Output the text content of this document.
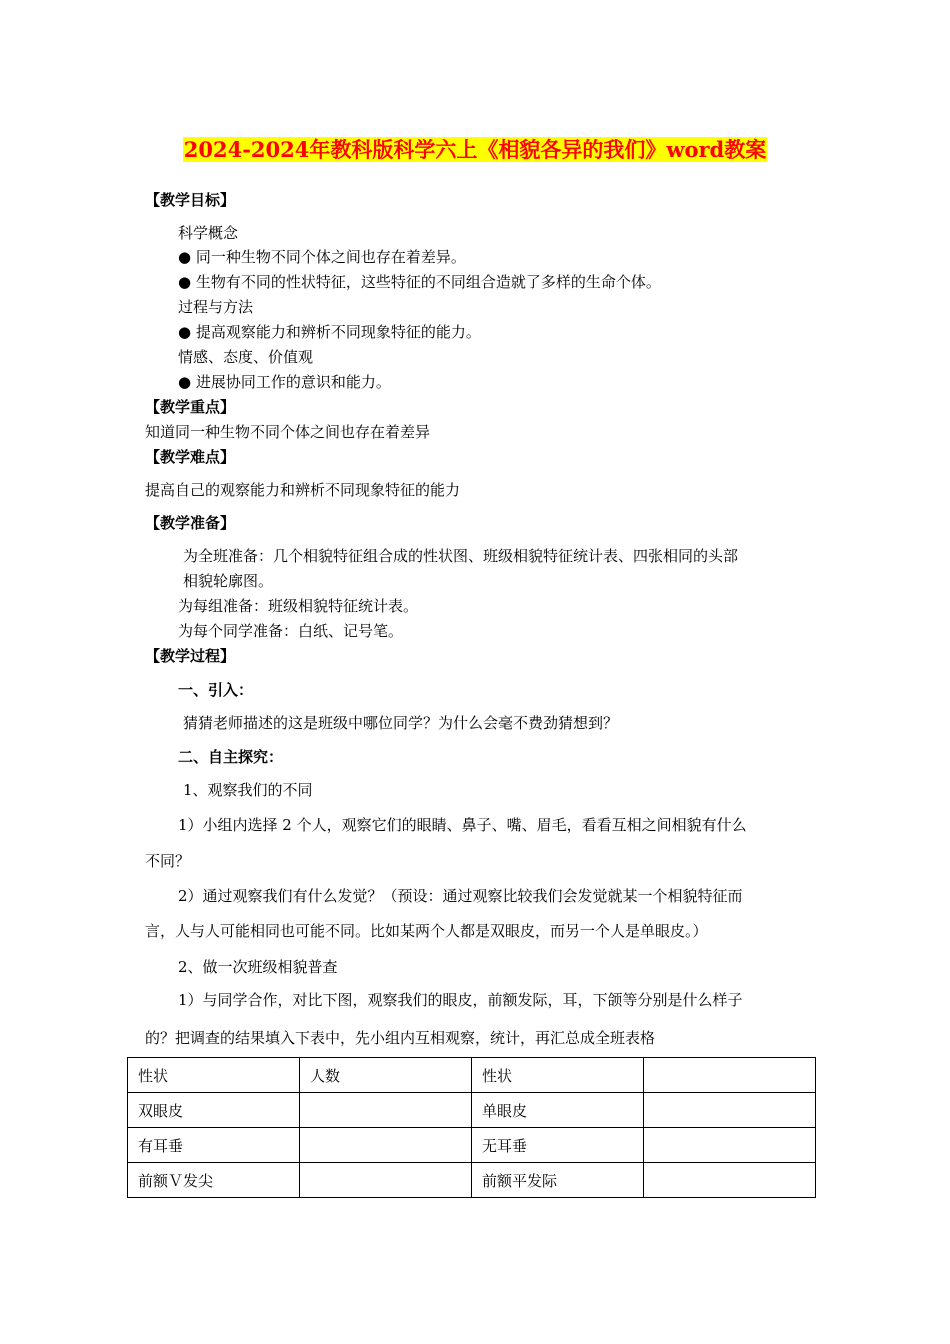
2024-2024年教科版科学六上《相貌各异的我们》word教案
【教学目标】
科学概念
● 同一种生物不同个体之间也存在着差异。
● 生物有不同的性状特征，这些特征的不同组合造就了多样的生命个体。
过程与方法
● 提高观察能力和辨析不同现象特征的能力。
情感、态度、价值观
● 进展协同工作的意识和能力。
【教学重点】
知道同一种生物不同个体之间也存在着差异
【教学难点】
提高自己的观察能力和辨析不同现象特征的能力
【教学准备】
为全班准备：几个相貌特征组合成的性状图、班级相貌特征统计表、四张相同的头部
相貌轮廓图。
为每组准备：班级相貌特征统计表。
为每个同学准备：白纸、记号笔。
【教学过程】
一、引入：
猜猜老师描述的这是班级中哪位同学？为什么会毫不费劲猜想到？
二、自主探究：
1、观察我们的不同
1）小组内选择 2 个人，观察它们的眼睛、鼻子、嘴、眉毛，看看互相之间相貌有什么
不同？
2）通过观察我们有什么发觉？（预设：通过观察比较我们会发觉就某一个相貌特征而
言，人与人可能相同也可能不同。比如某两个人都是双眼皮，而另一个人是单眼皮。）
2、做一次班级相貌普查
1）与同学合作，对比下图，观察我们的眼皮，前额发际，耳，下颌等分别是什么样子
的？把调查的结果填入下表中，先小组内互相观察，统计，再汇总成全班表格
性状	人数	性状	
双眼皮		单眼皮	
有耳垂		无耳垂	
前额Ｖ发尖		前额平发际	
